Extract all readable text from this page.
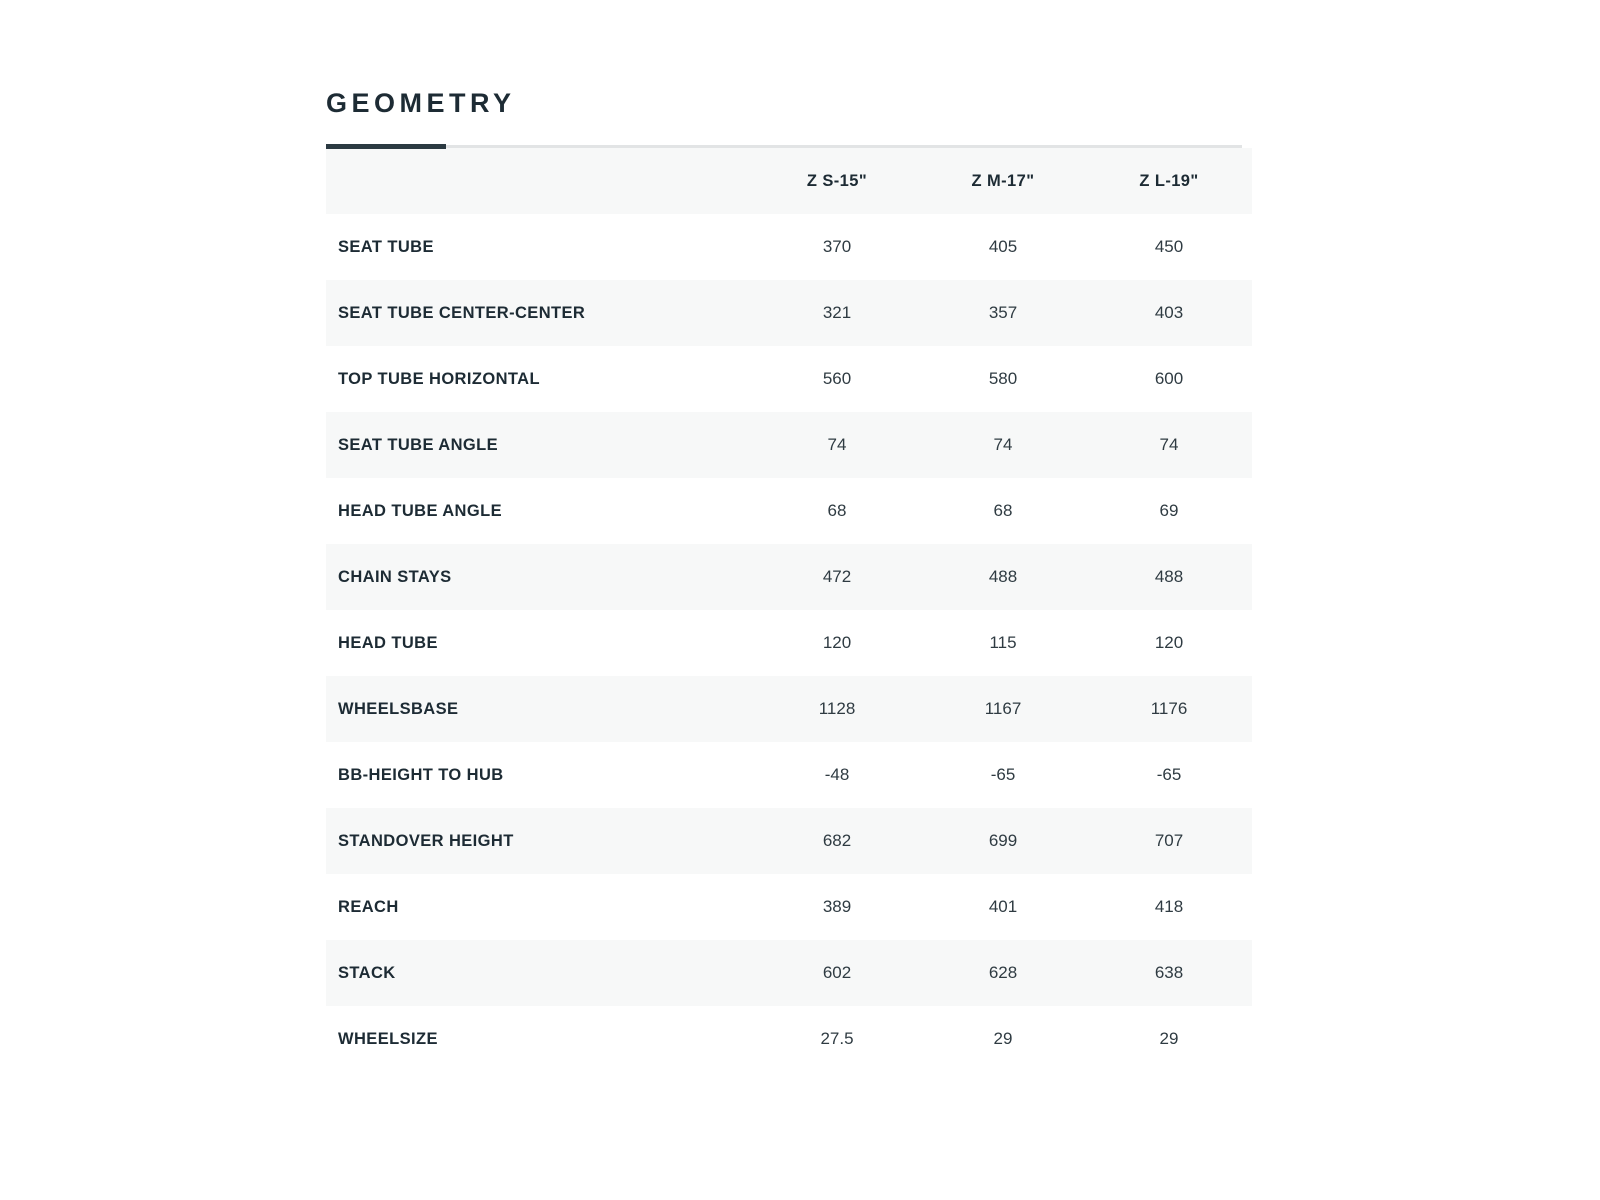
GEOMETRY
	Z S-15"	Z M-17"	Z L-19"
SEAT TUBE	370	405	450
SEAT TUBE CENTER-CENTER	321	357	403
TOP TUBE HORIZONTAL	560	580	600
SEAT TUBE ANGLE	74	74	74
HEAD TUBE ANGLE	68	68	69
CHAIN STAYS	472	488	488
HEAD TUBE	120	115	120
WHEELSBASE	1128	1167	1176
BB-HEIGHT TO HUB	-48	-65	-65
STANDOVER HEIGHT	682	699	707
REACH	389	401	418
STACK	602	628	638
WHEELSIZE	27.5	29	29
